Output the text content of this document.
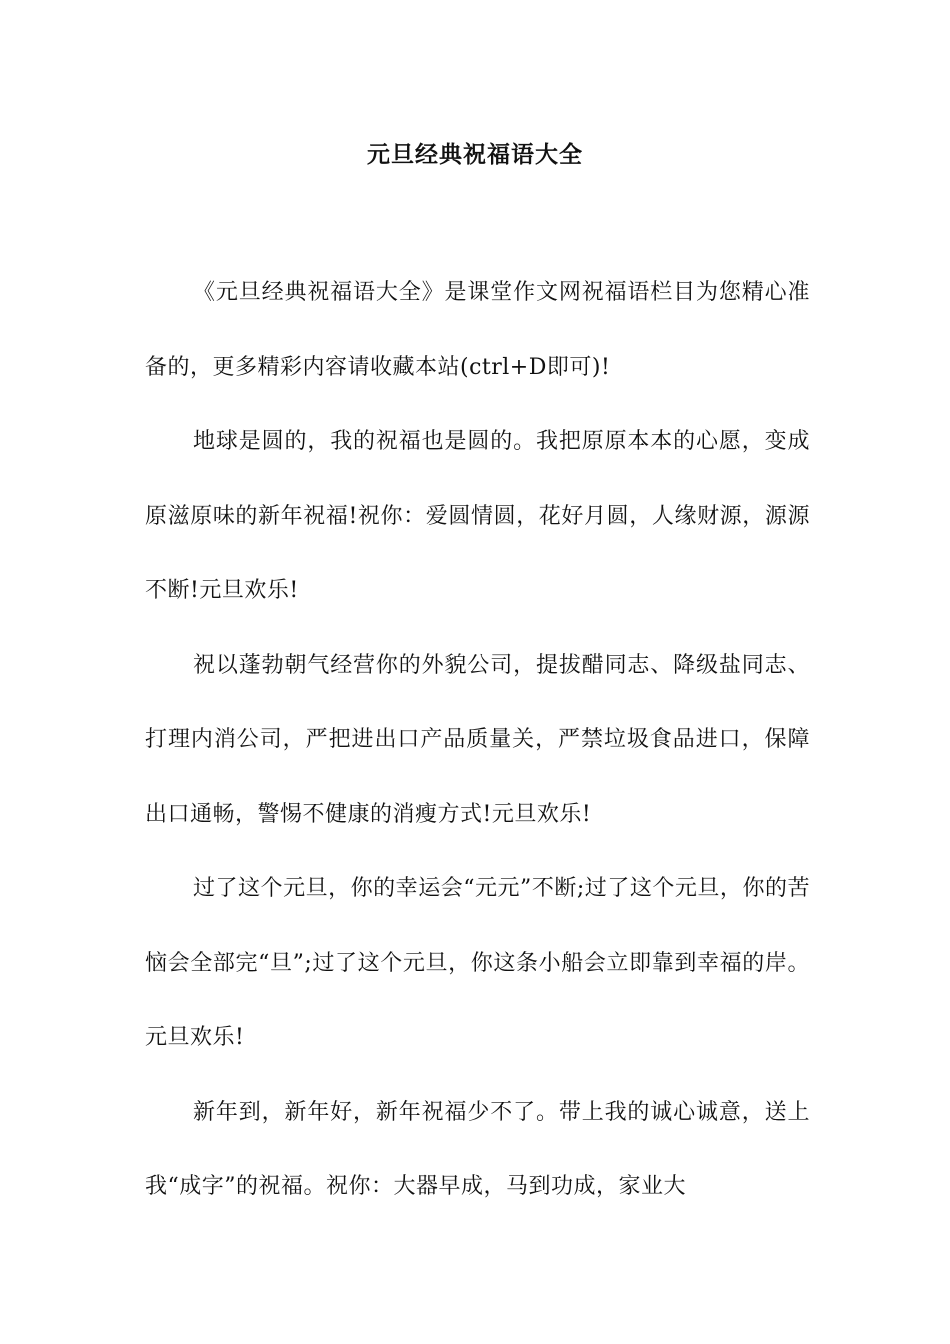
元旦经典祝福语大全

《元旦经典祝福语大全》是课堂作文网祝福语栏目为您精心准备的，更多精彩内容请收藏本站(ctrl+D即可)!

地球是圆的，我的祝福也是圆的。我把原原本本的心愿，变成原滋原味的新年祝福!祝你：爱圆情圆，花好月圆，人缘财源，源源不断!元旦欢乐!

祝以蓬勃朝气经营你的外貌公司，提拔醋同志、降级盐同志、打理内消公司，严把进出口产品质量关，严禁垃圾食品进口，保障出口通畅，警惕不健康的消瘦方式!元旦欢乐!

过了这个元旦，你的幸运会“元元”不断;过了这个元旦，你的苦恼会全部完“旦”;过了这个元旦，你这条小船会立即靠到幸福的岸。元旦欢乐!

新年到，新年好，新年祝福少不了。带上我的诚心诚意，送上我“成字”的祝福。祝你：大器早成，马到功成，家业大
